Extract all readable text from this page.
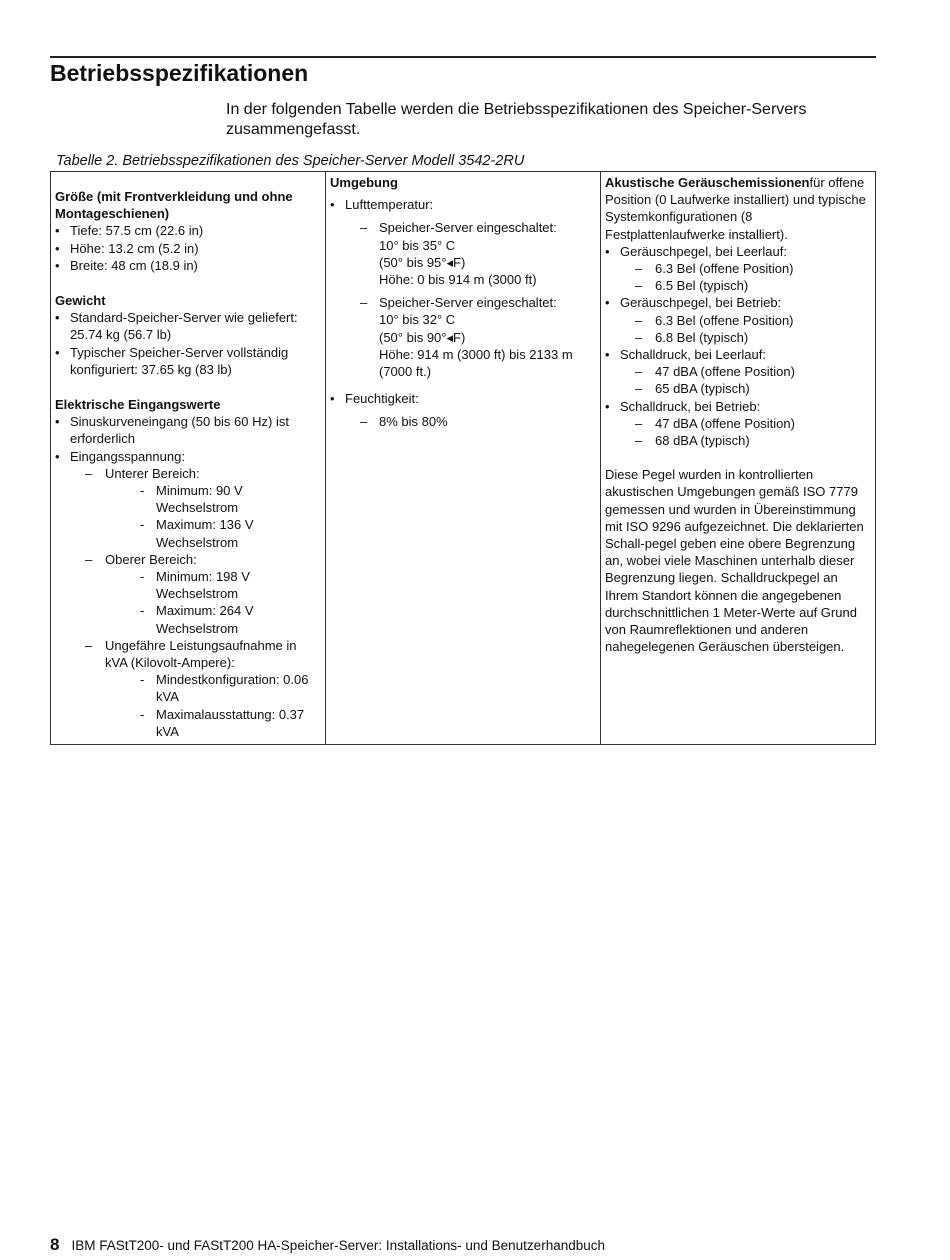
Betriebsspezifikationen

In der folgenden Tabelle werden die Betriebsspezifikationen des Speicher-Servers zusammengefasst.

Tabelle 2. Betriebsspezifikationen des Speicher-Server Modell 3542-2RU

Größe (mit Frontverkleidung und ohne Montageschienen)
• Tiefe: 57.5 cm (22.6 in)
• Höhe: 13.2 cm (5.2 in)
• Breite: 48 cm (18.9 in)
Gewicht
• Standard-Speicher-Server wie geliefert: 25.74 kg (56.7 lb)
• Typischer Speicher-Server vollständig konfiguriert: 37.65 kg (83 lb)
Elektrische Eingangswerte
• Sinuskurveneingang (50 bis 60 Hz) ist erforderlich
• Eingangsspannung:
– Unterer Bereich:
- Minimum: 90 V Wechselstrom
- Maximum: 136 V Wechselstrom
– Oberer Bereich:
- Minimum: 198 V Wechselstrom
- Maximum: 264 V Wechselstrom
– Ungefähre Leistungsaufnahme in kVA (Kilovolt-Ampere):
- Mindestkonfiguration: 0.06 kVA
- Maximalausstattung: 0.37 kVA

Umgebung
• Lufttemperatur:
– Speicher-Server eingeschaltet:
10° bis 35° C
(50° bis 95°◂F)
Höhe: 0 bis 914 m (3000 ft)
– Speicher-Server eingeschaltet:
10° bis 32° C
(50° bis 90°◂F)
Höhe: 914 m (3000 ft) bis 2133 m (7000 ft.)
• Feuchtigkeit:
– 8% bis 80%

Akustische Geräuschemissionenfür offene Position (0 Laufwerke installiert) und typische Systemkonfigurationen (8 Festplattenlaufwerke installiert).
• Geräuschpegel, bei Leerlauf:
– 6.3 Bel (offene Position)
– 6.5 Bel (typisch)
• Geräuschpegel, bei Betrieb:
– 6.3 Bel (offene Position)
– 6.8 Bel (typisch)
• Schalldruck, bei Leerlauf:
– 47 dBA (offene Position)
– 65 dBA (typisch)
• Schalldruck, bei Betrieb:
– 47 dBA (offene Position)
– 68 dBA (typisch)
Diese Pegel wurden in kontrollierten akustischen Umgebungen gemäß ISO 7779 gemessen und wurden in Übereinstimmung mit ISO 9296 aufgezeichnet. Die deklarierten Schall-pegel geben eine obere Begrenzung an, wobei viele Maschinen unterhalb dieser Begrenzung liegen. Schalldruckpegel an Ihrem Standort können die angegebenen durchschnittlichen 1 Meter-Werte auf Grund von Raumreflektionen und anderen nahegelegenen Geräuschen übersteigen.
8 IBM FAStT200- und FAStT200 HA-Speicher-Server: Installations- und Benutzerhandbuch
